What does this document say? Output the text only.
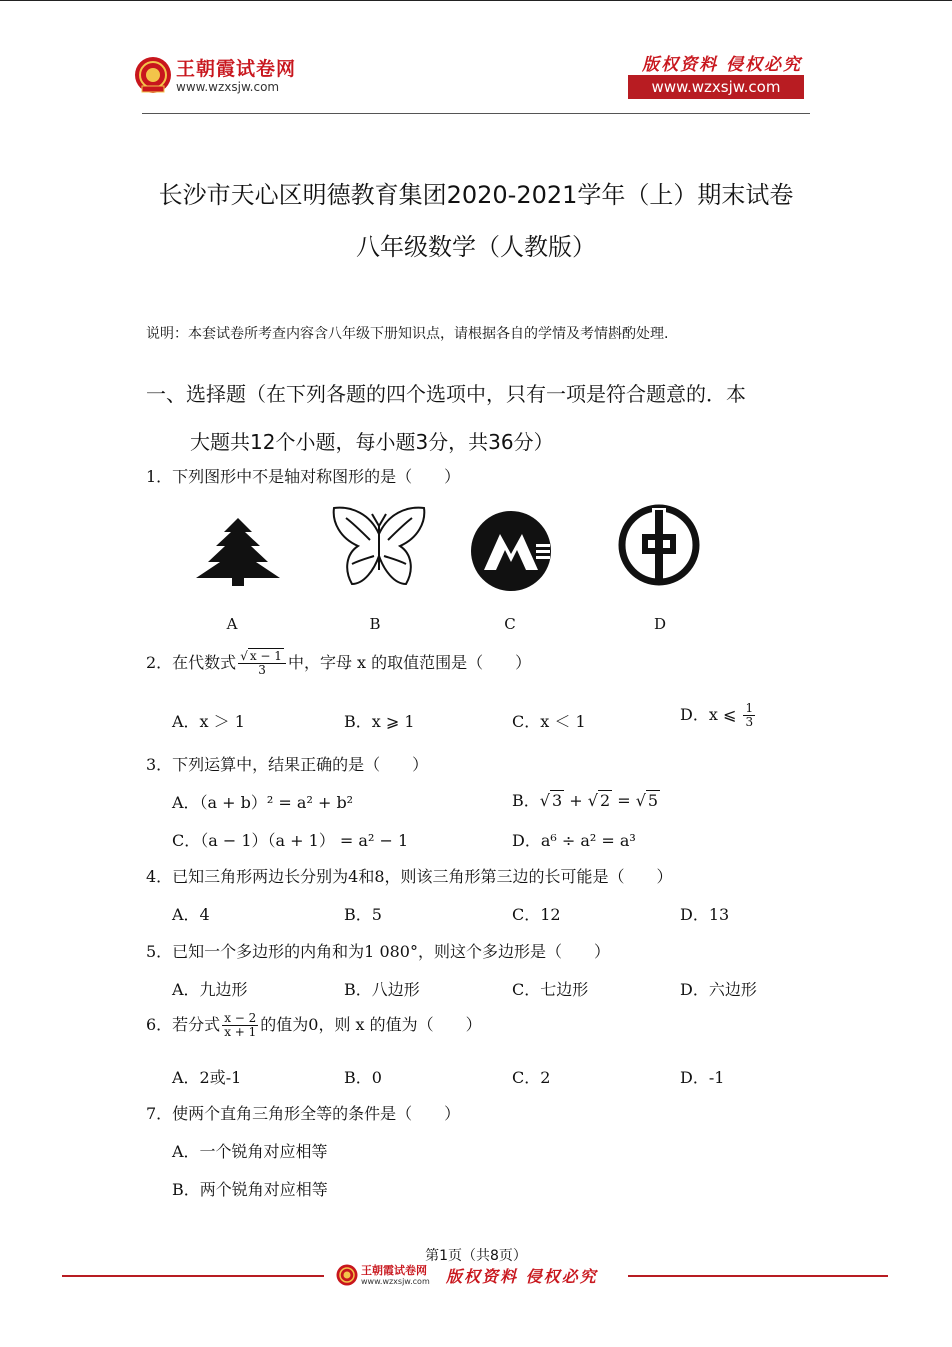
王朝霞试卷网
www.wzxsjw.com
版权资料 侵权必究
www.wzxsjw.com
长沙市天心区明德教育集团2020-2021学年（上）期末试卷
八年级数学（人教版）
说明：本套试卷所考查内容含八年级下册知识点，请根据各自的学情及考情斟酌处理.
一、选择题（在下列各题的四个选项中，只有一项是符合题意的．本
大题共12个小题，每小题3分，共36分）
1．下列图形中不是轴对称图形的是（　　）
A	B	C	D
2．在代数式 $\frac{√ x - 1}{3}$ 中，字母 x 的取值范围是（　　）
A．x ＞ 1	B．x ⩾ 1	C．x ＜ 1	D．x ⩽ $\frac{1}{3}$
3．下列运算中，结果正确的是（　　）
A．（a + b）² = a² + b²	B．√ 3 + √ 2 = √ 5
C．（a − 1）（a + 1） = a² − 1	D．a⁶ ÷ a² = a³
4．已知三角形两边长分别为4和8，则该三角形第三边的长可能是（　　）
A．4	B．5	C．12	D．13
5．已知一个多边形的内角和为1 080°，则这个多边形是（　　）
A．九边形	B．八边形	C．七边形	D．六边形
6．若分式 $\frac{x - 2}{x + 1}$ 的值为0，则 x 的值为（　　）
A．2或-1	B．0	C．2	D．-1
7．使两个直角三角形全等的条件是（　　）
A．一个锐角对应相等
B．两个锐角对应相等
第1页（共8页）
王朝霞试卷网
www.wzxsjw.com 版权资料 侵权必究
